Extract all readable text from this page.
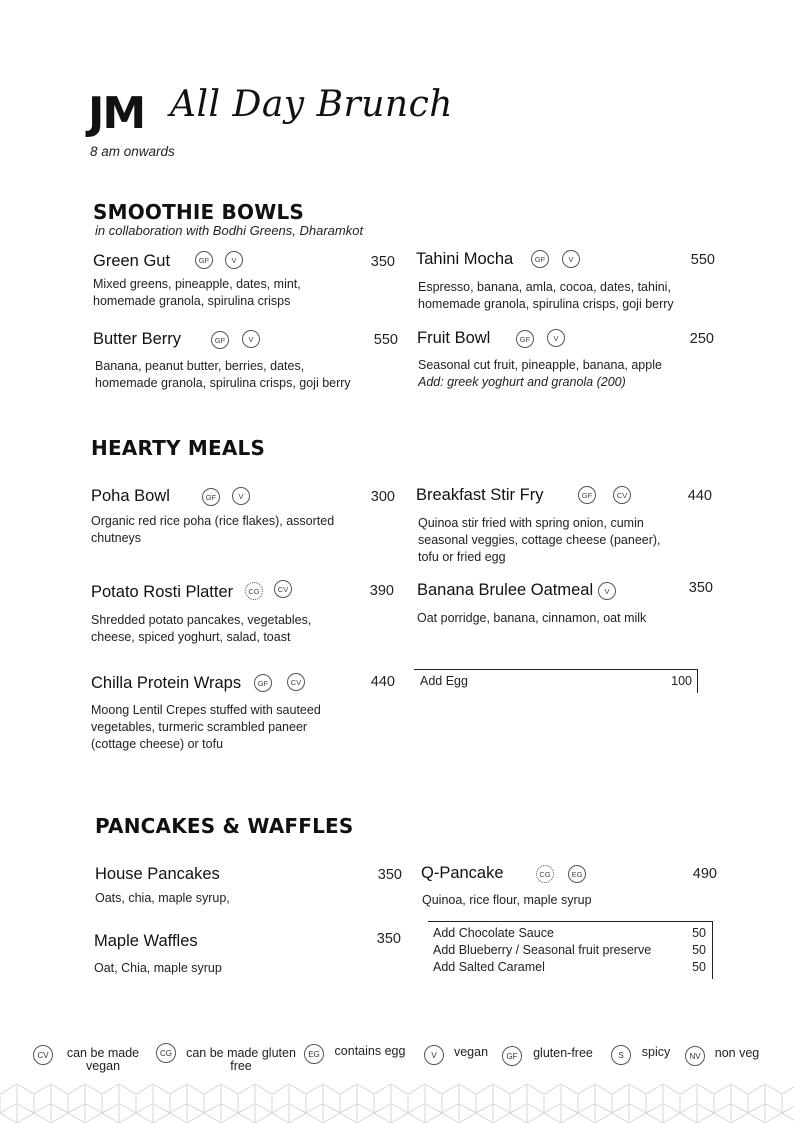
JM All Day Brunch
8 am onwards
SMOOTHIE BOWLS
in collaboration with Bodhi Greens, Dharamkot
Green Gut	GF	V	350
Mixed greens, pineapple, dates, mint,
homemade granola, spirulina crisps
Tahini Mocha	GF	V	550
Espresso, banana, amla, cocoa, dates, tahini,
homemade granola, spirulina crisps, goji berry
Butter Berry	GF	V	550
Banana, peanut butter, berries, dates,
homemade granola, spirulina crisps, goji berry
Fruit Bowl	GF	V	250
Seasonal cut fruit, pineapple, banana, apple
Add: greek yoghurt and granola (200)
HEARTY MEALS
Poha Bowl	GF	V	300
Organic red rice poha (rice flakes), assorted
chutneys
Breakfast Stir Fry	GF	CV	440
Quinoa stir fried with spring onion, cumin
seasonal veggies, cottage cheese (paneer),
tofu or fried egg
Potato Rosti Platter	CG	CV	390
Shredded potato pancakes, vegetables,
cheese, spiced yoghurt, salad, toast
Banana Brulee Oatmeal	V	350
Oat porridge, banana, cinnamon, oat milk
Add Egg	100
Chilla Protein Wraps	GF	CV	440
Moong Lentil Crepes stuffed with sauteed
vegetables, turmeric scrambled paneer
(cottage cheese) or tofu
PANCAKES & WAFFLES
House Pancakes	350
Oats, chia, maple syrup,
Q-Pancake	CG	EG	490
Quinoa, rice flour, maple syrup
Maple Waffles	350
Oat, Chia, maple syrup
Add Chocolate Sauce	50
Add Blueberry / Seasonal fruit preserve	50
Add Salted Caramel	50
CV	can be made
vegan
CG	can be made gluten
free
EG	contains egg	V	vegan	GF	gluten-free	S	spicy	NV	non veg
